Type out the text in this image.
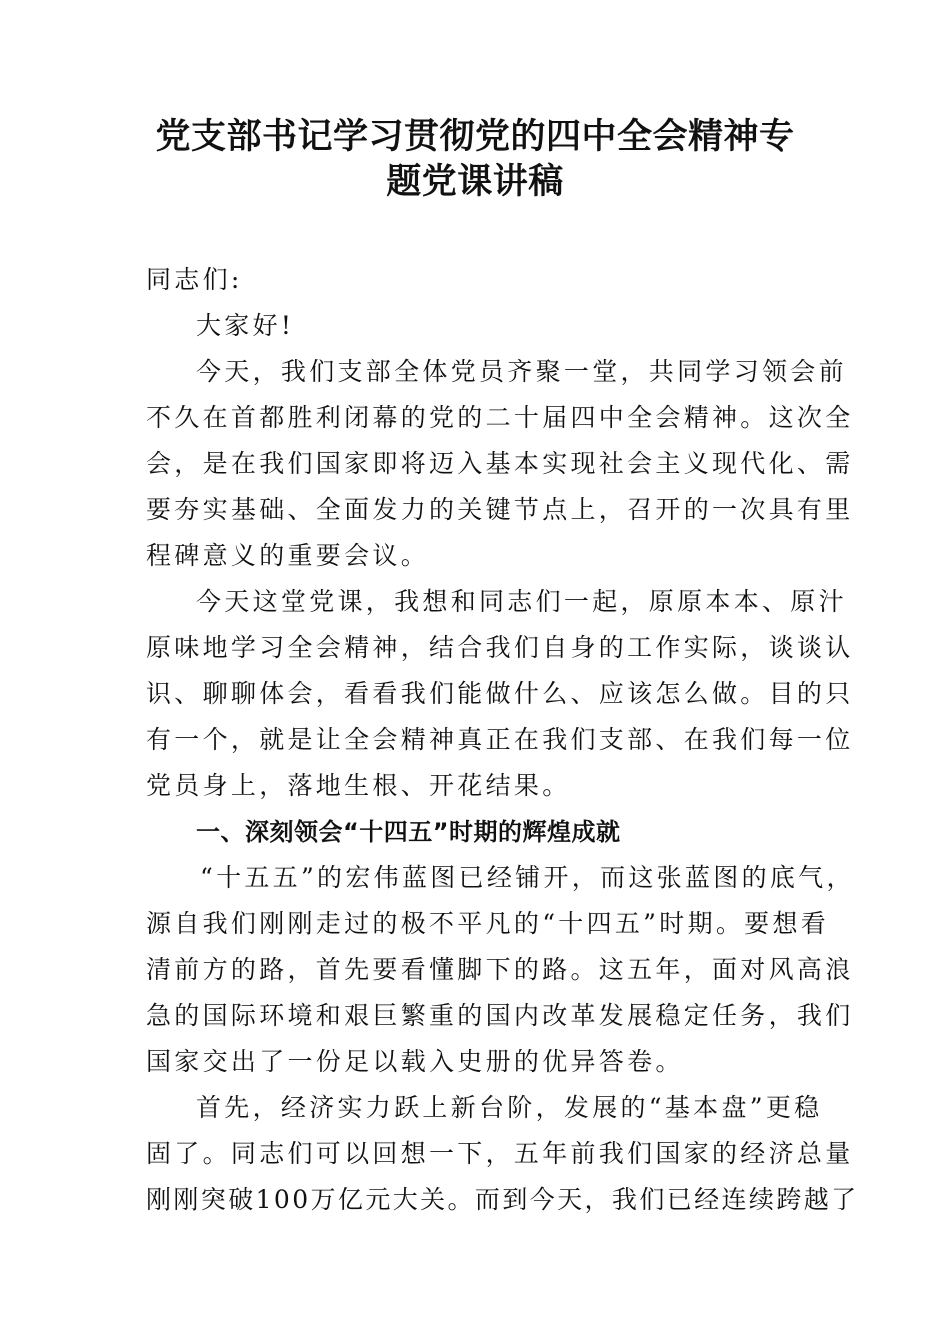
党支部书记学习贯彻党的四中全会精神专
题党课讲稿

同志们:

大家好!

今天，我们支部全体党员齐聚一堂，共同学习领会前

不久在首都胜利闭幕的党的二十届四中全会精神。这次全

会，是在我们国家即将迈入基本实现社会主义现代化、需

要夯实基础、全面发力的关键节点上，召开的一次具有里

程碑意义的重要会议。

今天这堂党课，我想和同志们一起，原原本本、原汁

原味地学习全会精神，结合我们自身的工作实际，谈谈认

识、聊聊体会，看看我们能做什么、应该怎么做。目的只

有一个，就是让全会精神真正在我们支部、在我们每一位

党员身上，落地生根、开花结果。

一、深刻领会“十四五”时期的辉煌成就

“十五五”的宏伟蓝图已经铺开，而这张蓝图的底气，

源自我们刚刚走过的极不平凡的“十四五”时期。要想看

清前方的路，首先要看懂脚下的路。这五年，面对风高浪

急的国际环境和艰巨繁重的国内改革发展稳定任务，我们

国家交出了一份足以载入史册的优异答卷。

首先，经济实力跃上新台阶，发展的“基本盘”更稳

固了。同志们可以回想一下，五年前我们国家的经济总量

刚刚突破100万亿元大关。而到今天，我们已经连续跨越了
